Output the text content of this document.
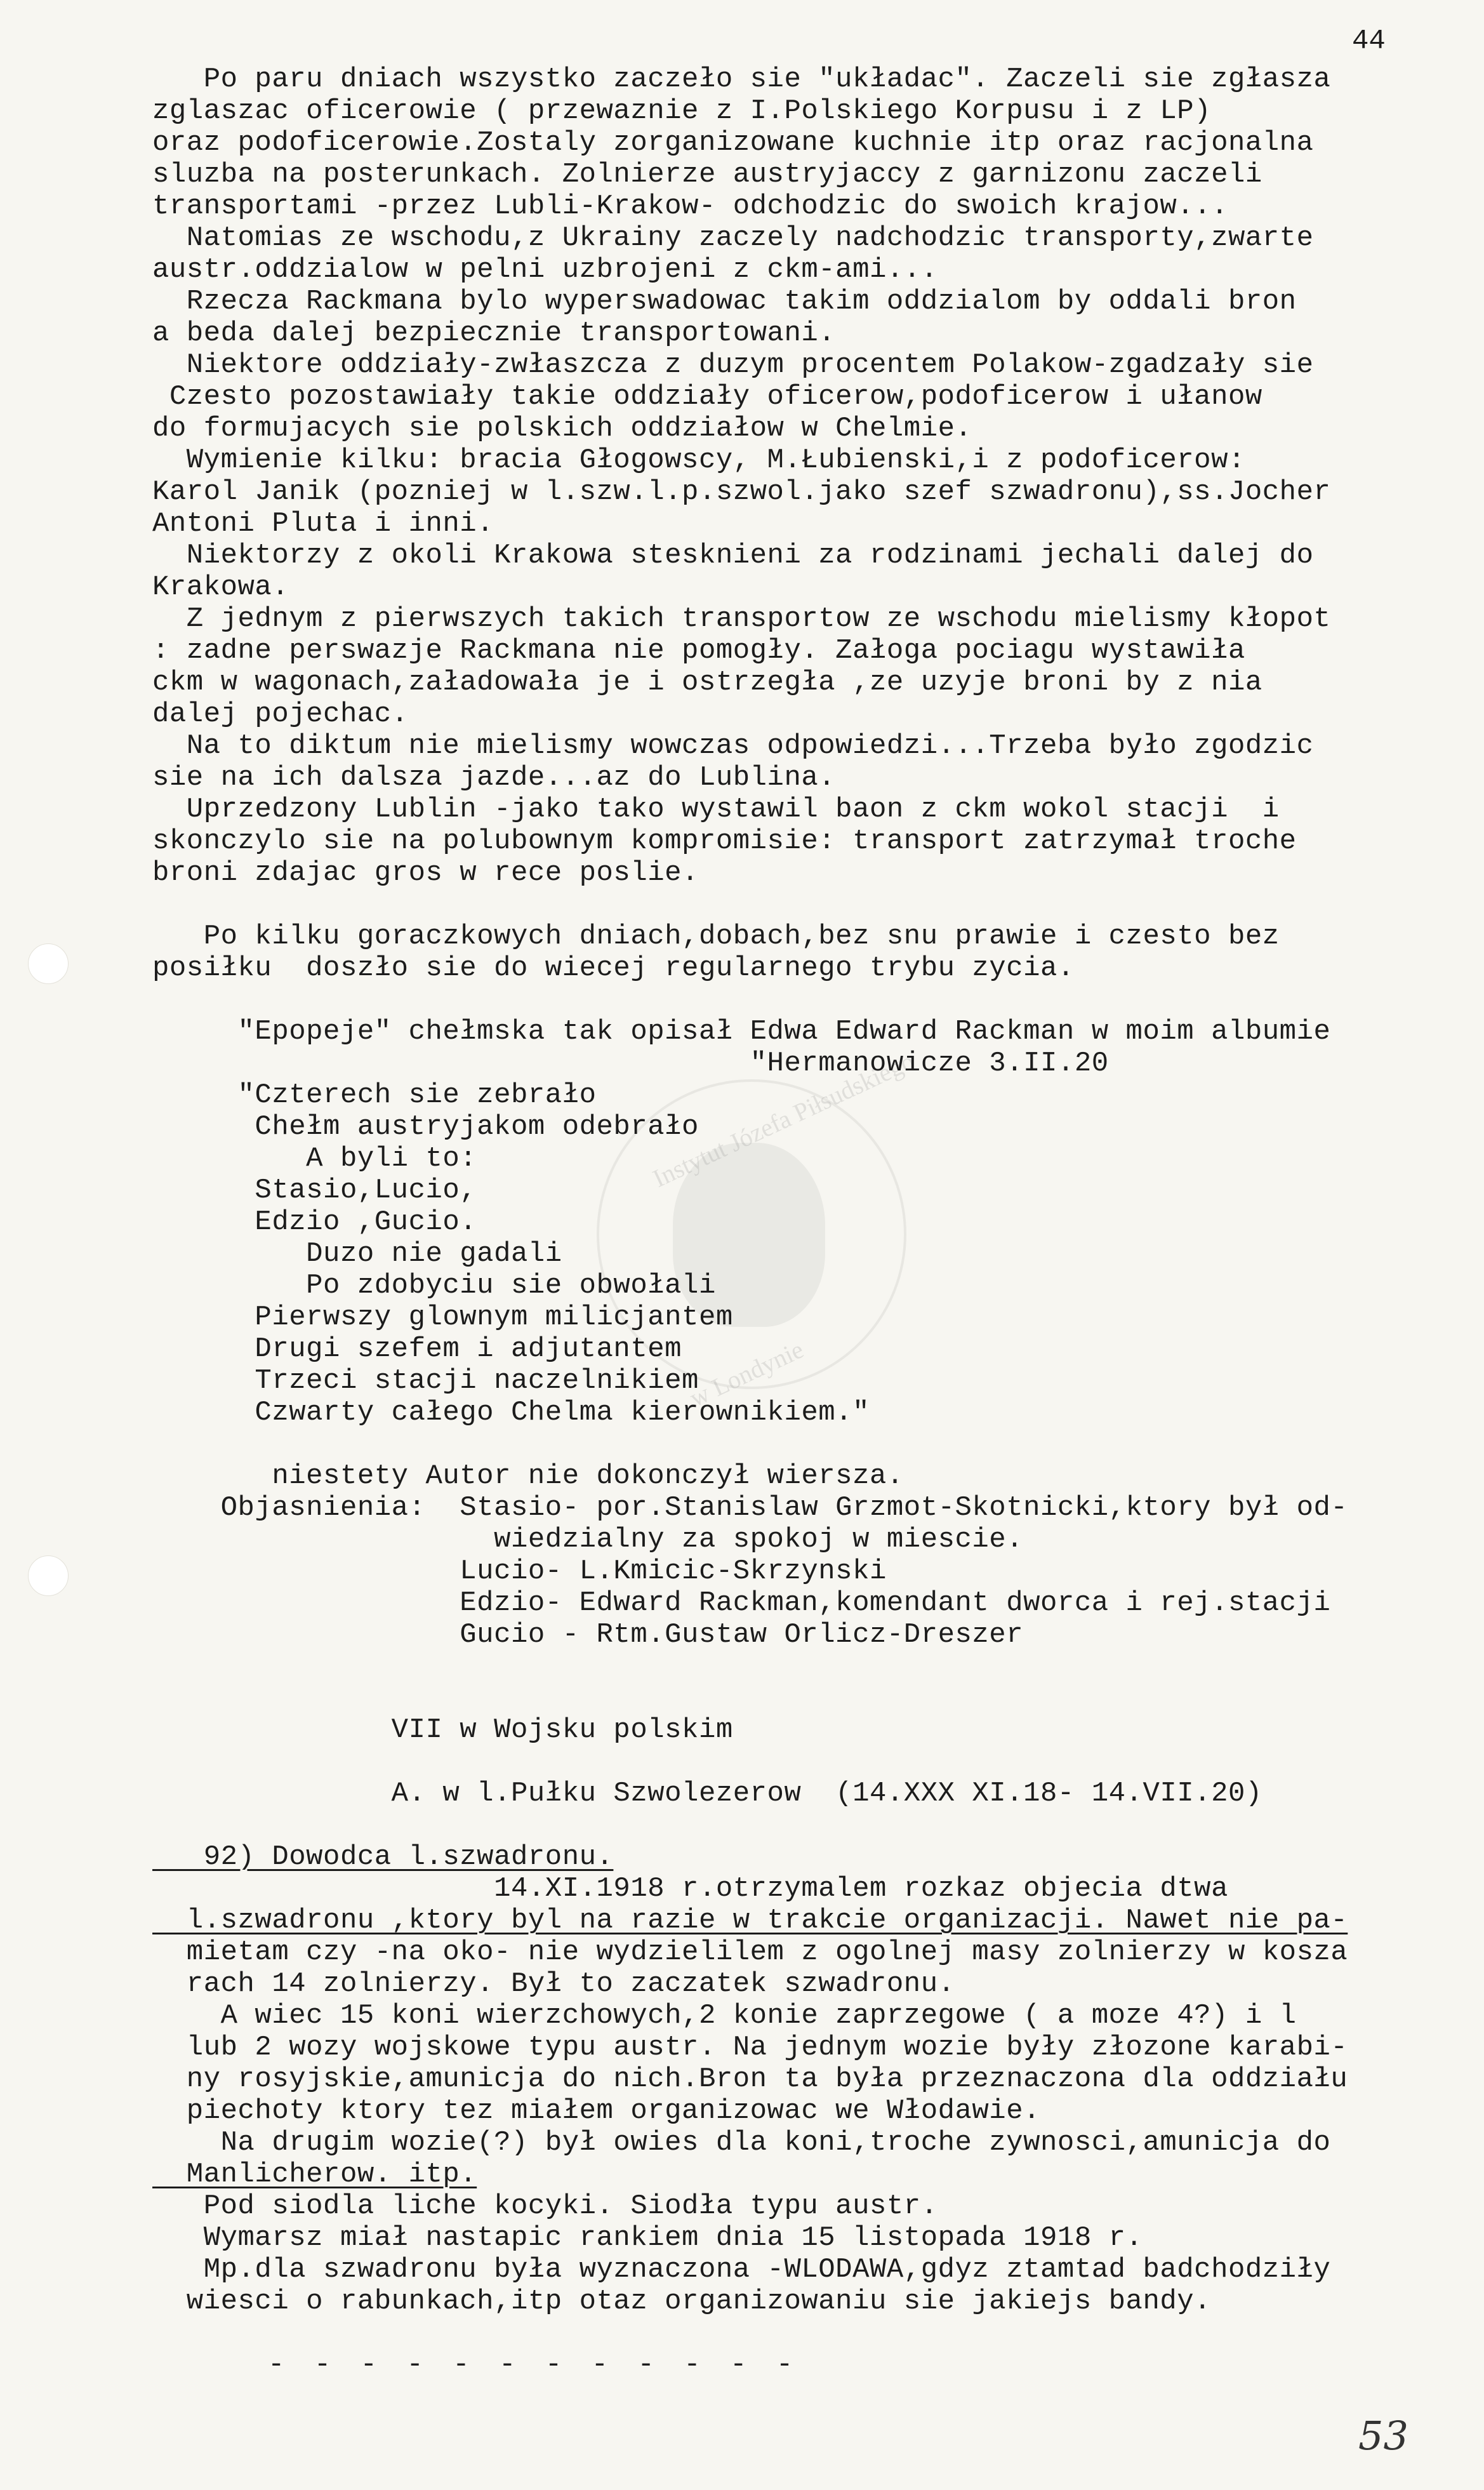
Instytut Józefa Piłsudskiego
w Londynie
44
Po paru dniach wszystko zaczeło sie "układac". Zaczeli sie zgłasza
zglaszac oficerowie ( przewaznie z I.Polskiego Korpusu i z LP)
oraz podoficerowie.Zostaly zorganizowane kuchnie itp oraz racjonalna
sluzba na posterunkach. Zolnierze austryjaccy z garnizonu zaczeli
transportami -przez Lubli-Krakow- odchodzic do swoich krajow...
Natomias ze wschodu,z Ukrainy zaczely nadchodzic transporty,zwarte
austr.oddzialow w pelni uzbrojeni z ckm-ami...
Rzecza Rackmana bylo wyperswadowac takim oddzialom by oddali bron
a beda dalej bezpiecznie transportowani.
Niektore oddziały-zwłaszcza z duzym procentem Polakow-zgadzały sie
Czesto pozostawiały takie oddziały oficerow,podoficerow i ułanow
do formujacych sie polskich oddziałow w Chelmie.
Wymienie kilku: bracia Głogowscy, M.Łubienski,i z podoficerow:
Karol Janik (pozniej w l.szw.l.p.szwol.jako szef szwadronu),ss.Jocher
Antoni Pluta i inni.
Niektorzy z okoli Krakowa stesknieni za rodzinami jechali dalej do
Krakowa.
Z jednym z pierwszych takich transportow ze wschodu mielismy kłopot
: zadne perswazje Rackmana nie pomogły. Załoga pociagu wystawiła
ckm w wagonach,załadowała je i ostrzegła ,ze uzyje broni by z nia
dalej pojechac.
Na to diktum nie mielismy wowczas odpowiedzi...Trzeba było zgodzic
sie na ich dalsza jazde...az do Lublina.
Uprzedzony Lublin -jako tako wystawil baon z ckm wokol stacji  i
skonczylo sie na polubownym kompromisie: transport zatrzymał troche
broni zdajac gros w rece poslie.
Po kilku goraczkowych dniach,dobach,bez snu prawie i czesto bez
posiłku  doszło sie do wiecej regularnego trybu zycia.
"Epopeje" chełmska tak opisał Edwa Edward Rackman w moim albumie
"Hermanowicze 3.II.20
"Czterech sie zebrało
Chełm austryjakom odebrało
A byli to:
Stasio,Lucio,
Edzio ,Gucio.
Duzo nie gadali
Po zdobyciu sie obwołali
Pierwszy glownym milicjantem
Drugi szefem i adjutantem
Trzeci stacji naczelnikiem
Czwarty całego Chelma kierownikiem."
niestety Autor nie dokonczył wiersza.
Objasnienia:  Stasio- por.Stanislaw Grzmot-Skotnicki,ktory był od-
wiedzialny za spokoj w miescie.
Lucio- L.Kmicic-Skrzynski
Edzio- Edward Rackman,komendant dworca i rej.stacji
Gucio - Rtm.Gustaw Orlicz-Dreszer
VII w Wojsku polskim
A. w l.Pułku Szwolezerow  (14.XXX XI.18- 14.VII.20)
92) Dowodca l.szwadronu.
14.XI.1918 r.otrzymalem rozkaz objecia dtwa
l.szwadronu ,ktory byl na razie w trakcie organizacji. Nawet nie pa-
mietam czy -na oko- nie wydzielilem z ogolnej masy zolnierzy w kosza
rach 14 zolnierzy. Był to zaczatek szwadronu.
A wiec 15 koni wierzchowych,2 konie zaprzegowe ( a moze 4?) i l
lub 2 wozy wojskowe typu austr. Na jednym wozie były złozone karabi-
ny rosyjskie,amunicja do nich.Bron ta była przeznaczona dla oddziału
piechoty ktory tez miałem organizowac we Włodawie.
Na drugim wozie(?) był owies dla koni,troche zywnosci,amunicja do
Manlicherow. itp.
Pod siodla liche kocyki. Siodła typu austr.
Wymarsz miał nastapic rankiem dnia 15 listopada 1918 r.
Mp.dla szwadronu była wyznaczona -WLODAWA,gdyz ztamtad badchodziły
wiesci o rabunkach,itp otaz organizowaniu sie jakiejs bandy.
- - - - - - - - - - - -
53
